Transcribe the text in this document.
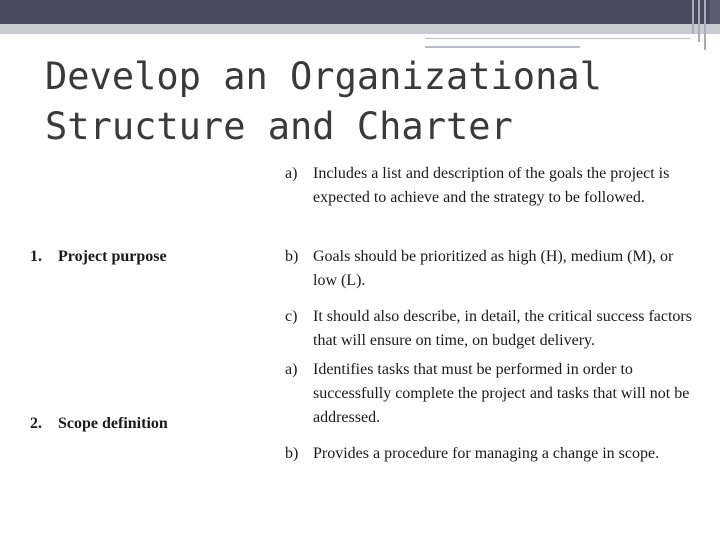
Develop an Organizational
Structure and Charter
1. Project purpose
2. Scope definition
a) Includes a list and description of the goals the project is expected to achieve and the strategy to be followed.
b) Goals should be prioritized as high (H), medium (M), or low (L).
c) It should also describe, in detail, the critical success factors that will ensure on time, on budget delivery.
a) Identifies tasks that must be performed in order to successfully complete the project and tasks that will not be addressed.
b) Provides a procedure for managing a change in scope.
